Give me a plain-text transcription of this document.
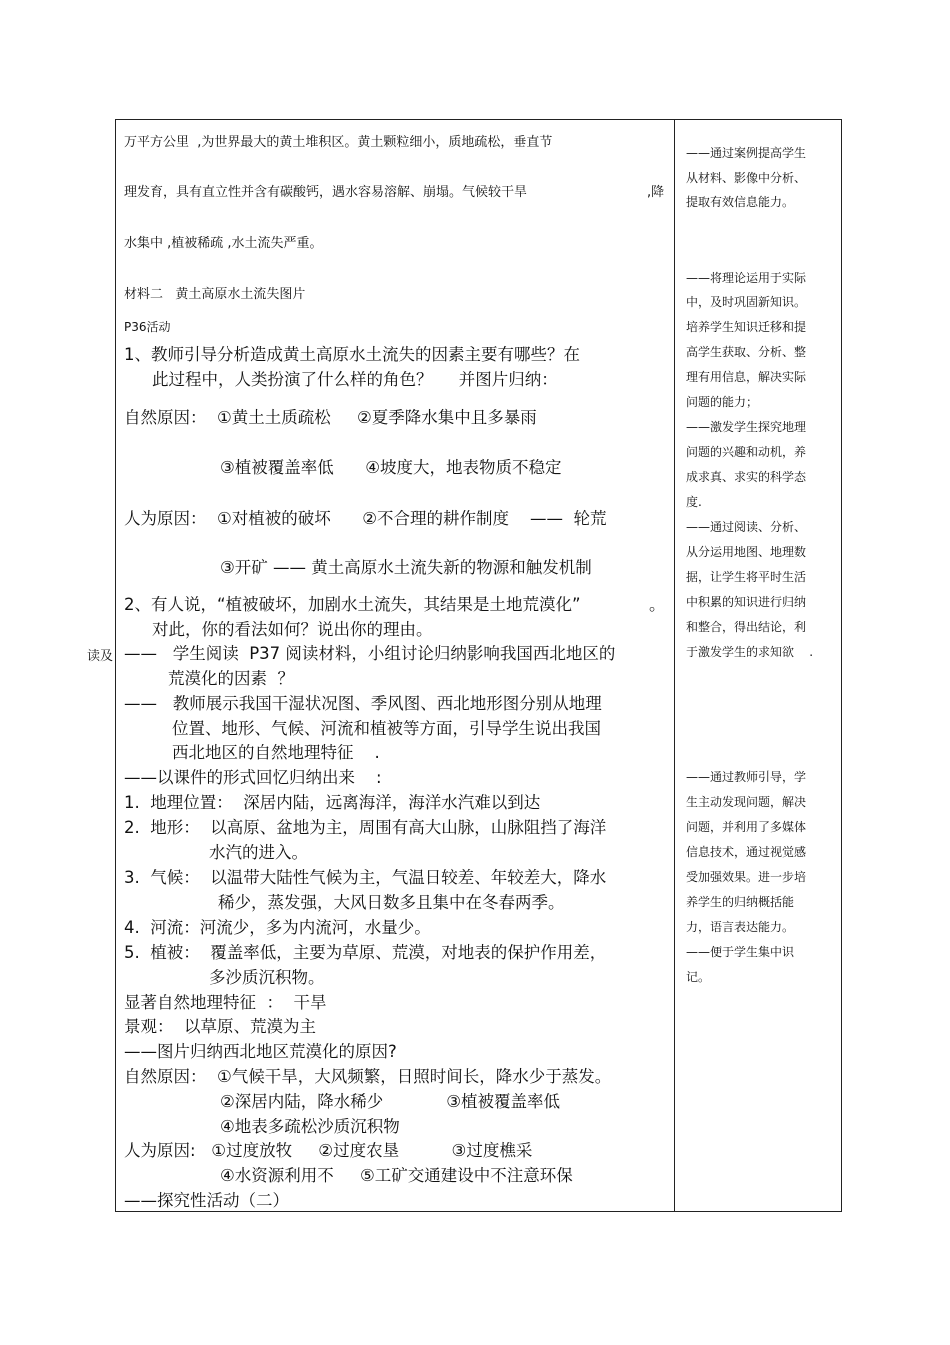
读及
万平方公里  ,为世界最大的黄土堆积区。黄土颗粒细小，质地疏松，垂直节
理发育，具有直立性并含有碳酸钙，遇水容易溶解、崩塌。气候较干旱	,降
水集中 ,植被稀疏 ,水土流失严重。
材料二   黄土高原水土流失图片
P36活动
1、教师引导分析造成黄土高原水土流失的因素主要有哪些？在
此过程中，人类扮演了什么样的角色？     并图片归纳：
自然原因：  ①黄土土质疏松     ②夏季降水集中且多暴雨
③植被覆盖率低      ④坡度大，地表物质不稳定
人为原因：  ①对植被的破坏      ②不合理的耕作制度    ——  轮荒
③开矿 —— 黄土高原水土流失新的物源和触发机制
2、有人说，“植被破坏，加剧水土流失，其结果是土地荒漠化”	。
对此，你的看法如何？说出你的理由。
——   学生阅读  P37 阅读材料，小组讨论归纳影响我国西北地区的
荒漠化的因素  ？
——   教师展示我国干湿状况图、季风图、西北地形图分别从地理
位置、地形、气候、河流和植被等方面，引导学生说出我国
西北地区的自然地理特征    .
——以课件的形式回忆归纳出来    :
1.  地理位置：  深居内陆，远离海洋，海洋水汽难以到达
2.  地形：  以高原、盆地为主，周围有高大山脉，山脉阻挡了海洋
水汽的进入。
3.  气候：  以温带大陆性气候为主，气温日较差、年较差大，降水
稀少，蒸发强，大风日数多且集中在冬春两季。
4.  河流：河流少，多为内流河，水量少。
5.  植被：  覆盖率低，主要为草原、荒漠，对地表的保护作用差，
多沙质沉积物。
显著自然地理特征  ：  干旱
景观：  以草原、荒漠为主
——图片归纳西北地区荒漠化的原因?
自然原因：  ①气候干旱，大风频繁，日照时间长，降水少于蒸发。
②深居内陆，降水稀少            ③植被覆盖率低
④地表多疏松沙质沉积物
人为原因:   ①过度放牧     ②过度农垦          ③过度樵采
④水资源利用不     ⑤工矿交通建设中不注意环保
——探究性活动（二）
——通过案例提高学生
从材料、影像中分析、
提取有效信息能力。
——将理论运用于实际
中，及时巩固新知识。
培养学生知识迁移和提
高学生获取、分析、整
理有用信息，解决实际
问题的能力；
——激发学生探究地理
问题的兴趣和动机，养
成求真、求实的科学态
度.
——通过阅读、分析、
从分运用地图、地理数
据，让学生将平时生活
中积累的知识进行归纳
和整合，得出结论，利
于激发学生的求知欲    .
——通过教师引导，学
生主动发现问题，解决
问题，并利用了多媒体
信息技术，通过视觉感
受加强效果。进一步培
养学生的归纳概括能
力，语言表达能力。
——便于学生集中识
记。
